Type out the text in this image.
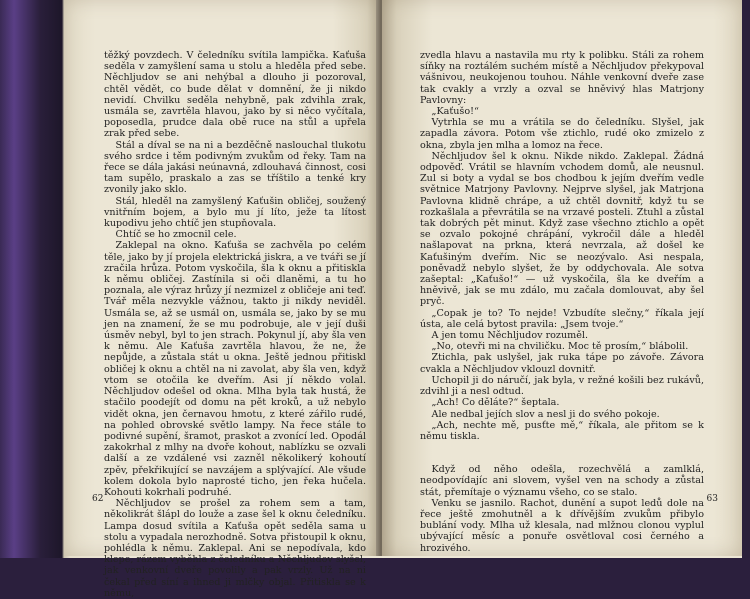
těžký povzdech. V čeledníku svítila lampička. Kaťuša seděla v zamyšlení sama u stolu a hleděla před sebe. Něchljudov se ani nehýbal a dlouho ji pozoroval, chtěl vědět, co bude dělat v domnění, že ji nikdo nevidí. Chvilku seděla nehybně, pak zdvihla zrak, usmála se, zavrtěla hlavou, jako by si něco vyčítala, poposedla, prudce dala obě ruce na stůl a upřela zrak před sebe.

Stál a díval se na ni a bezděčně naslouchal tlukotu svého srdce i těm podivným zvukům od řeky. Tam na řece se dála jakási neúnavná, zdlouhavá činnost, cosi tam supělo, praskalo a zas se tříštilo a tenké kry zvonily jako sklo.

Stál, hleděl na zamyšlený Kaťušin obličej, soužený vnitřním bojem, a bylo mu jí líto, ježe ta lítost kupodivu jeho chtíč jen stupňovala.

Chtíč se ho zmocnil cele.

Zaklepal na okno. Kaťuša se zachvěla po celém těle, jako by jí projela elektrická jiskra, a ve tváři se jí zračila hrůza. Potom vyskočila, šla k oknu a přitiskla k němu obličej. Zastínila si oči dlaněmi, a tu ho poznala, ale výraz hrůzy jí nezmizel z obličeje ani teď. Tvář měla nezvykle vážnou, takto ji nikdy neviděl. Usmála se, až se usmál on, usmála se, jako by se mu jen na znamení, že se mu podrobuje, ale v její duši úsměv nebyl, byl to jen strach. Pokynul jí, aby šla ven k němu. Ale Kaťuša zavrtěla hlavou, že ne, že nepůjde, a zůstala stát u okna. Ještě jednou přitiskl obličej k oknu a chtěl na ni zavolat, aby šla ven, když vtom se otočila ke dveřím. Asi jí někdo volal. Něchljudov odešel od okna. Mlha byla tak hustá, že stačilo poodejít od domu na pět kroků, a už nebylo vidět okna, jen černavou hmotu, z které zářilo rudé, na pohled obrovské světlo lampy. Na řece stále to podivné supění, šramot, praskot a zvonící led. Opodál zakokrhal z mlhy na dvoře kohout, nablízku se ozvali další a ze vzdálené vsi zazněl několikerý kohoutí zpěv, překřikující se navzájem a splývající. Ale všude kolem dokola bylo naprosté ticho, jen řeka hučela. Kohouti kokrhali podruhé.

Něchljudov se prošel za rohem sem a tam, několikrát šlápl do louže a zase šel k oknu čeledníku. Lampa dosud svítila a Kaťuša opět seděla sama u stolu a vypadala nerozhodně. Sotva přistoupil k oknu, pohlédla k němu. Zaklepal. Ani se nepodívala, kdo klepe, rázem vyběhla z čeledníku a Něchljudov slyšel, jak venkovní dveře povolily a pak vrzly. Už na ni čekal před síní a ihned ji mlčky objal. Přitiskla se k němu,

62

zvedla hlavu a nastavila mu rty k polibku. Stáli za rohem síňky na roztálém suchém místě a Něchljudov překypoval vášnivou, neukojenou touhou. Náhle venkovní dveře zase tak cvakly a vrzly a ozval se hněvivý hlas Matrjony Pavlovny:

„Kaťušo!“

Vytrhla se mu a vrátila se do čeledníku. Slyšel, jak zapadla závora. Potom vše ztichlo, rudé oko zmizelo z okna, zbyla jen mlha a lomoz na řece.

Něchljudov šel k oknu. Nikde nikdo. Zaklepal. Žádná odpověď. Vrátil se hlavním vchodem domů, ale neusnul. Zul si boty a vydal se bos chodbou k jejím dveřím vedle světnice Matrjony Pavlovny. Nejprve slyšel, jak Matrjona Pavlovna klidně chrápe, a už chtěl dovnitř, když tu se rozkašlala a převrátila se na vrzavé posteli. Ztuhl a zůstal tak dobrých pět minut. Když zase všechno ztichlo a opět se ozvalo pokojné chrápání, vykročil dále a hleděl našlapovat na prkna, která nevrzala, až došel ke Kaťušiným dveřím. Nic se neozývalo. Asi nespala, poněvadž nebylo slyšet, že by oddychovala. Ale sotva zašeptal: „Kaťušo!“ — už vyskočila, šla ke dveřím a hněvivě, jak se mu zdálo, mu začala domlouvat, aby šel pryč.

„Copak je to? To nejde! Vzbudíte slečny,“ říkala její ústa, ale celá bytost pravila: „Jsem tvoje.“

A jen tomu Něchljudov rozuměl.

„No, otevři mi na chviličku. Moc tě prosím,“ blábolil.

Ztichla, pak uslyšel, jak ruka tápe po závoře. Závora cvakla a Něchljudov vklouzl dovnitř.

Uchopil ji do náručí, jak byla, v režné košili bez rukávů, zdvihl ji a nesl odtud.

„Ach! Co děláte?“ šeptala.

Ale nedbal jejích slov a nesl ji do svého pokoje.

„Ach, nechte mě, pusťte mě,“ říkala, ale přitom se k němu tiskla.

Když od něho odešla, rozechvělá a zamlklá, neodpovídajíc ani slovem, vyšel ven na schody a zůstal stát, přemítaje o významu všeho, co se stalo.

Venku se jasnilo. Rachot, dunění a supot ledů dole na řece ještě zmohutněl a k dřívějším zvukům přibylo bublání vody. Mlha už klesala, nad mlžnou clonou vyplul ubývající měsíc a ponuře osvětloval cosi černého a hrozivého.

63
